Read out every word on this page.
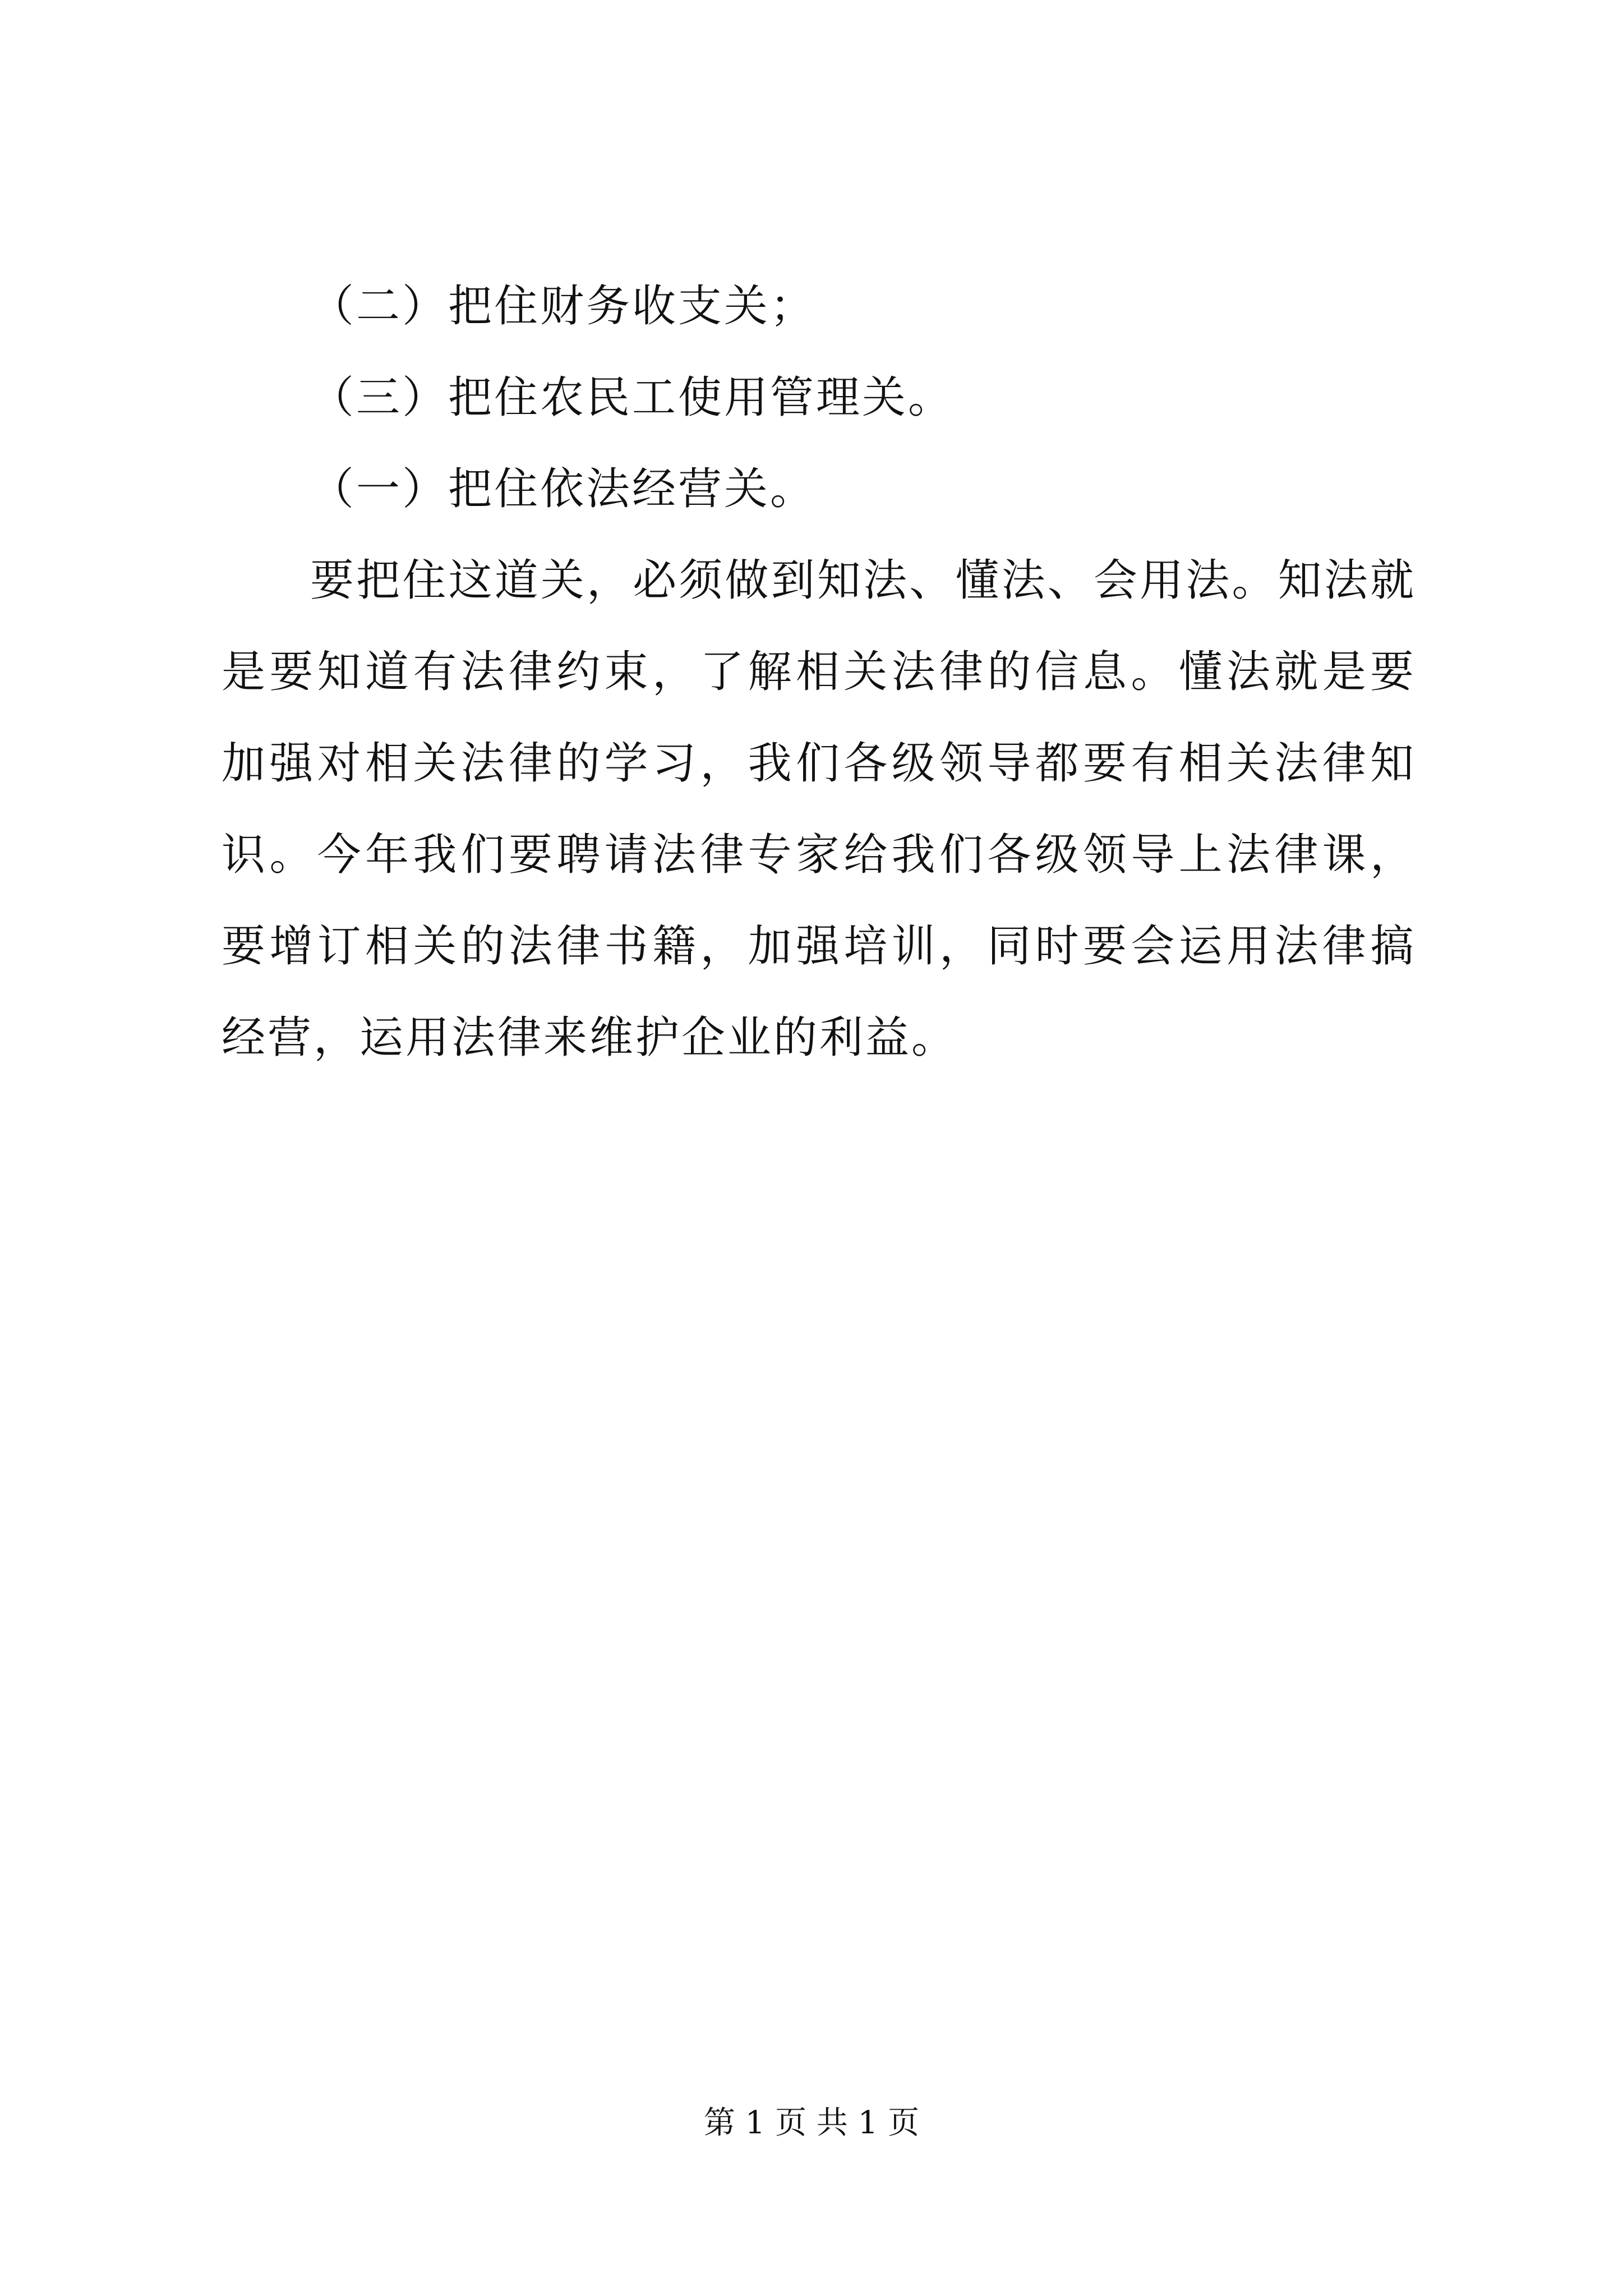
（二）把住财务收支关；
（三）把住农民工使用管理关。
（一）把住依法经营关。

要把住这道关，必须做到知法、懂法、会用法。知法就是要知道有法律约束，了解相关法律的信息。懂法就是要加强对相关法律的学习，我们各级领导都要有相关法律知识。今年我们要聘请法律专家给我们各级领导上法律课，要增订相关的法律书籍，加强培训，同时要会运用法律搞经营，运用法律来维护企业的利益。

第 1 页 共 1 页
